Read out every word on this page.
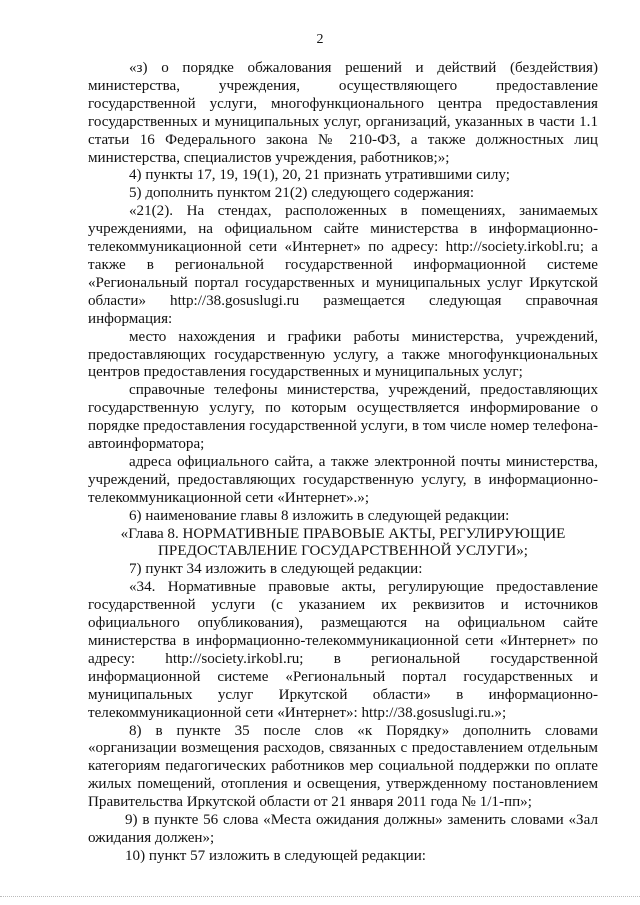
2

«з) о порядке обжалования решений и действий (бездействия) министерства, учреждения, осуществляющего предоставление государственной услуги, многофункционального центра предоставления государственных и муниципальных услуг, организаций, указанных в части 1.1 статьи 16 Федерального закона № 210-ФЗ, а также должностных лиц министерства, специалистов учреждения, работников;»;

4) пункты 17, 19, 19(1), 20, 21 признать утратившими силу;

5) дополнить пунктом 21(2) следующего содержания:

«21(2). На стендах, расположенных в помещениях, занимаемых учреждениями, на официальном сайте министерства в информационно-телекоммуникационной сети «Интернет» по адресу: http://society.irkobl.ru; а также в региональной государственной информационной системе «Региональный портал государственных и муниципальных услуг Иркутской области» http://38.gosuslugi.ru размещается следующая справочная информация:

место нахождения и графики работы министерства, учреждений, предоставляющих государственную услугу, а также многофункциональных центров предоставления государственных и муниципальных услуг;

справочные телефоны министерства, учреждений, предоставляющих государственную услугу, по которым осуществляется информирование о порядке предоставления государственной услуги, в том числе номер телефона-автоинформатора;

адреса официального сайта, а также электронной почты министерства, учреждений, предоставляющих государственную услугу, в информационно-телекоммуникационной сети «Интернет».»;

6) наименование главы 8 изложить в следующей редакции:

«Глава 8. НОРМАТИВНЫЕ ПРАВОВЫЕ АКТЫ, РЕГУЛИРУЮЩИЕ ПРЕДОСТАВЛЕНИЕ ГОСУДАРСТВЕННОЙ УСЛУГИ»;

7) пункт 34 изложить в следующей редакции:

«34. Нормативные правовые акты, регулирующие предоставление государственной услуги (с указанием их реквизитов и источников официального опубликования), размещаются на официальном сайте министерства в информационно-телекоммуникационной сети «Интернет» по адресу: http://society.irkobl.ru; в региональной государственной информационной системе «Региональный портал государственных и муниципальных услуг Иркутской области» в информационно-телекоммуникационной сети «Интернет»: http://38.gosuslugi.ru.»;

8) в пункте 35 после слов «к Порядку» дополнить словами «организации возмещения расходов, связанных с предоставлением отдельным категориям педагогических работников мер социальной поддержки по оплате жилых помещений, отопления и освещения, утвержденному постановлением Правительства Иркутской области от 21 января 2011 года № 1/1-пп»;

9) в пункте 56 слова «Места ожидания должны» заменить словами «Зал ожидания должен»;

10) пункт 57 изложить в следующей редакции:
